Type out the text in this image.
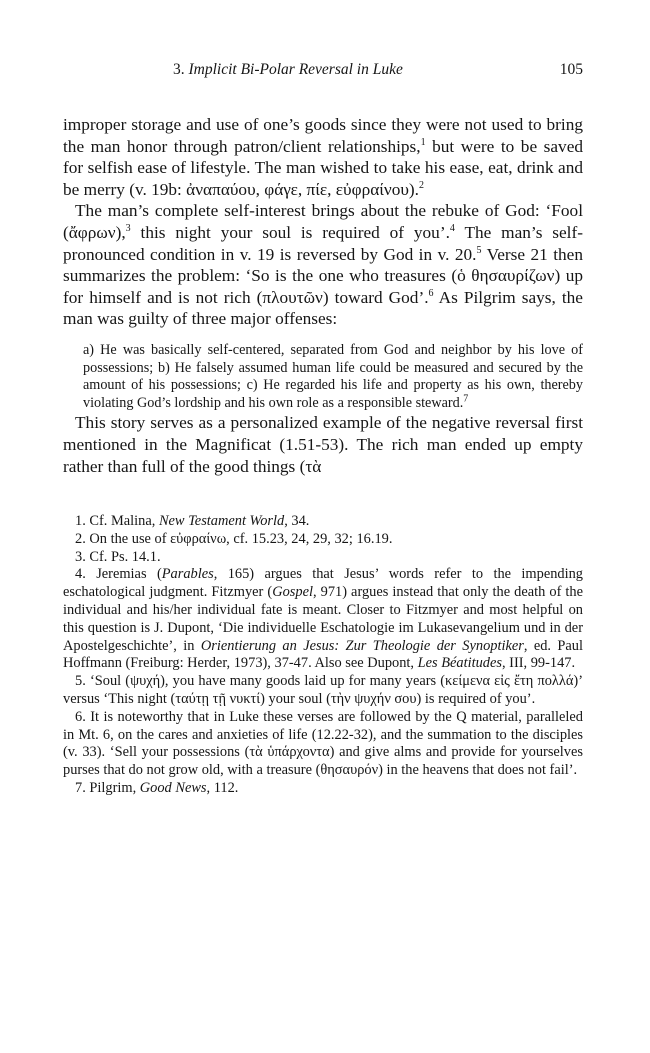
3. Implicit Bi-Polar Reversal in Luke	105

improper storage and use of one’s goods since they were not used to bring the man honor through patron/client relationships,$^1$ but were to be saved for selfish ease of lifestyle. The man wished to take his ease, eat, drink and be merry (v. 19b: ἀναπαύου, φάγε, πίε, εὐφραίνου).$^2$

The man’s complete self-interest brings about the rebuke of God: ‘Fool (ἄφρων),$^3$ this night your soul is required of you’.$^4$ The man’s self-pronounced condition in v. 19 is reversed by God in v. 20.$^5$ Verse 21 then summarizes the problem: ‘So is the one who treasures (ὁ θησαυρίζων) up for himself and is not rich (πλουτῶν) toward God’.$^6$ As Pilgrim says, the man was guilty of three major offenses:

a) He was basically self-centered, separated from God and neighbor by his love of possessions; b) He falsely assumed human life could be measured and secured by the amount of his possessions; c) He regarded his life and property as his own, thereby violating God’s lordship and his own role as a responsible steward.$^7$

This story serves as a personalized example of the negative reversal first mentioned in the Magnificat (1.51-53). The rich man ended up empty rather than full of the good things (τὰ

1. Cf. Malina, New Testament World, 34.

2. On the use of εὐφραίνω, cf. 15.23, 24, 29, 32; 16.19.

3. Cf. Ps. 14.1.

4. Jeremias (Parables, 165) argues that Jesus’ words refer to the impending eschatological judgment. Fitzmyer (Gospel, 971) argues instead that only the death of the individual and his/her individual fate is meant. Closer to Fitzmyer and most helpful on this question is J. Dupont, ‘Die individuelle Eschatologie im Lukasevangelium und in der Apostelgeschichte’, in Orientierung an Jesus: Zur Theologie der Synoptiker, ed. Paul Hoffmann (Freiburg: Herder, 1973), 37-47. Also see Dupont, Les Béatitudes, III, 99-147.

5. ‘Soul (ψυχή), you have many goods laid up for many years (κείμενα εἰς ἔτη πολλά)’ versus ‘This night (ταύτῃ τῇ νυκτί) your soul (τὴν ψυχήν σου) is required of you’.

6. It is noteworthy that in Luke these verses are followed by the Q material, paralleled in Mt. 6, on the cares and anxieties of life (12.22-32), and the summation to the disciples (v. 33). ‘Sell your possessions (τὰ ὑπάρχοντα) and give alms and provide for yourselves purses that do not grow old, with a treasure (θησαυρόν) in the heavens that does not fail’.

7. Pilgrim, Good News, 112.
